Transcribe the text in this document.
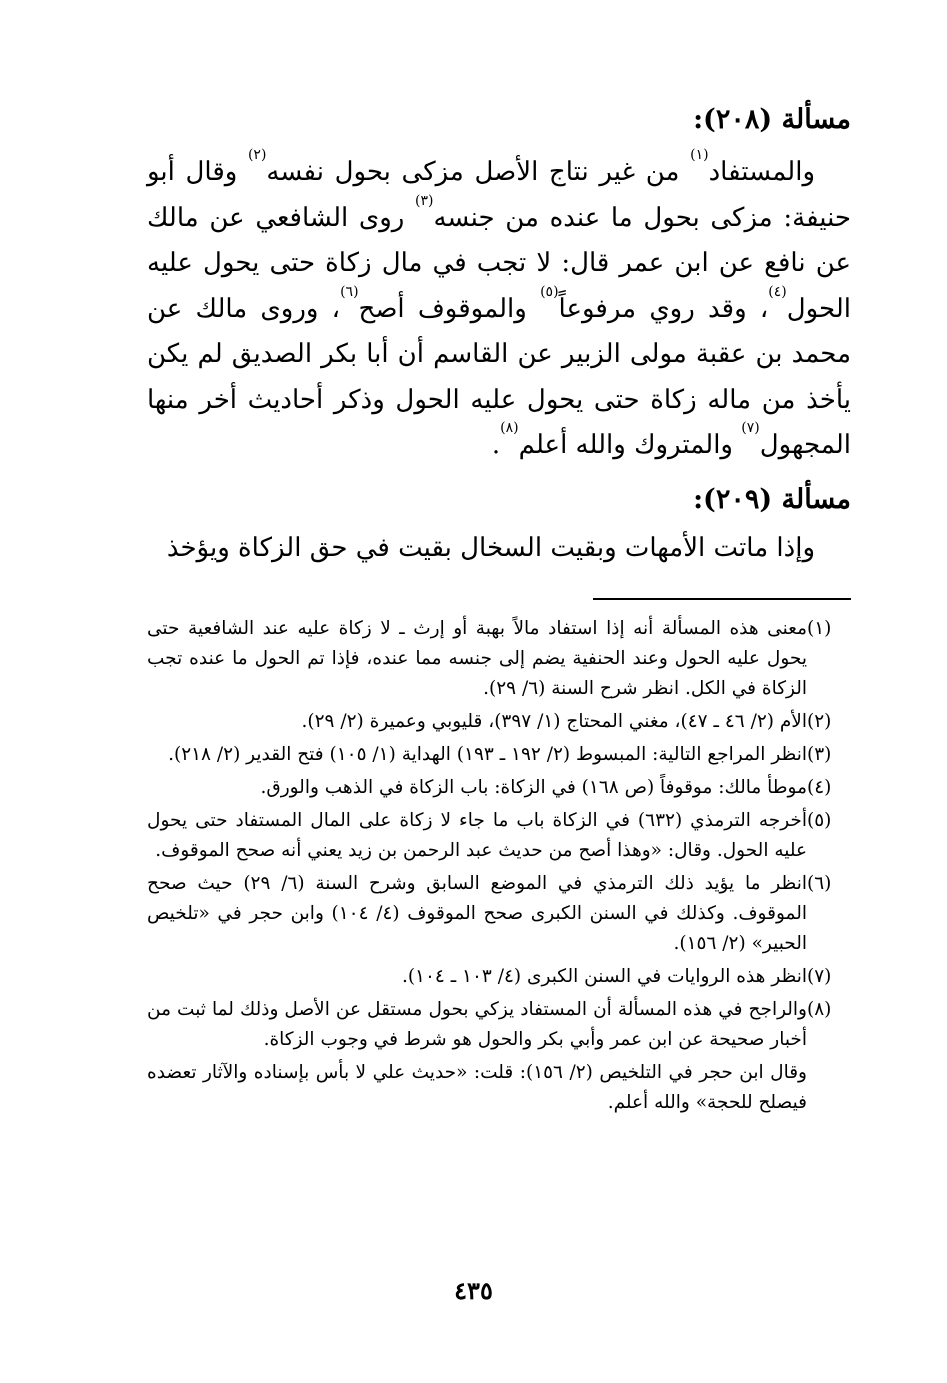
مسألة (٢٠٨):

والمستفاد$^{(١)}$ من غير نتاج الأصل مزكى بحول نفسه$^{(٢)}$ وقال أبو حنيفة: مزكى بحول ما عنده من جنسه$^{(٣)}$ روى الشافعي عن مالك عن نافع عن ابن عمر قال: لا تجب في مال زكاة حتى يحول عليه الحول$^{(٤)}$، وقد روي مرفوعاً$^{(٥)}$ والموقوف أصح$^{(٦)}$، وروى مالك عن محمد بن عقبة مولى الزبير عن القاسم أن أبا بكر الصديق لم يكن يأخذ من ماله زكاة حتى يحول عليه الحول وذكر أحاديث أخر منها المجهول$^{(٧)}$ والمتروك والله أعلم$^{(٨)}$.

مسألة (٢٠٩):

وإذا ماتت الأمهات وبقيت السخال بقيت في حق الزكاة ويؤخذ

(١)
معنى هذه المسألة أنه إذا استفاد مالاً بهبة أو إرث ـ لا زكاة عليه عند الشافعية حتى يحول عليه الحول وعند الحنفية يضم إلى جنسه مما عنده، فإذا تم الحول ما عنده تجب الزكاة في الكل. انظر شرح السنة (٦/ ٢٩).
(٢)
الأم (٢/ ٤٦ ـ ٤٧)، مغني المحتاج (١/ ٣٩٧)، قليوبي وعميرة (٢/ ٢٩).
(٣)
انظر المراجع التالية: المبسوط (٢/ ١٩٢ ـ ١٩٣) الهداية (١/ ١٠٥) فتح القدير (٢/ ٢١٨).
(٤)
موطأ مالك: موقوفاً (ص ١٦٨) في الزكاة: باب الزكاة في الذهب والورق.
(٥)
أخرجه الترمذي (٦٣٢) في الزكاة باب ما جاء لا زكاة على المال المستفاد حتى يحول عليه الحول. وقال: «وهذا أصح من حديث عبد الرحمن بن زيد يعني أنه صحح الموقوف.
(٦)
انظر ما يؤيد ذلك الترمذي في الموضع السابق وشرح السنة (٦/ ٢٩) حيث صحح الموقوف. وكذلك في السنن الكبرى صحح الموقوف (٤/ ١٠٤) وابن حجر في «تلخيص الحبير» (٢/ ١٥٦).
(٧)
انظر هذه الروايات في السنن الكبرى (٤/ ١٠٣ ـ ١٠٤).
(٨)
والراجح في هذه المسألة أن المستفاد يزكي بحول مستقل عن الأصل وذلك لما ثبت من أخبار صحيحة عن ابن عمر وأبي بكر والحول هو شرط في وجوب الزكاة.
وقال ابن حجر في التلخيص (٢/ ١٥٦): قلت: «حديث علي لا بأس بإسناده والآثار تعضده فيصلح للحجة» والله أعلم.
٤٣٥
